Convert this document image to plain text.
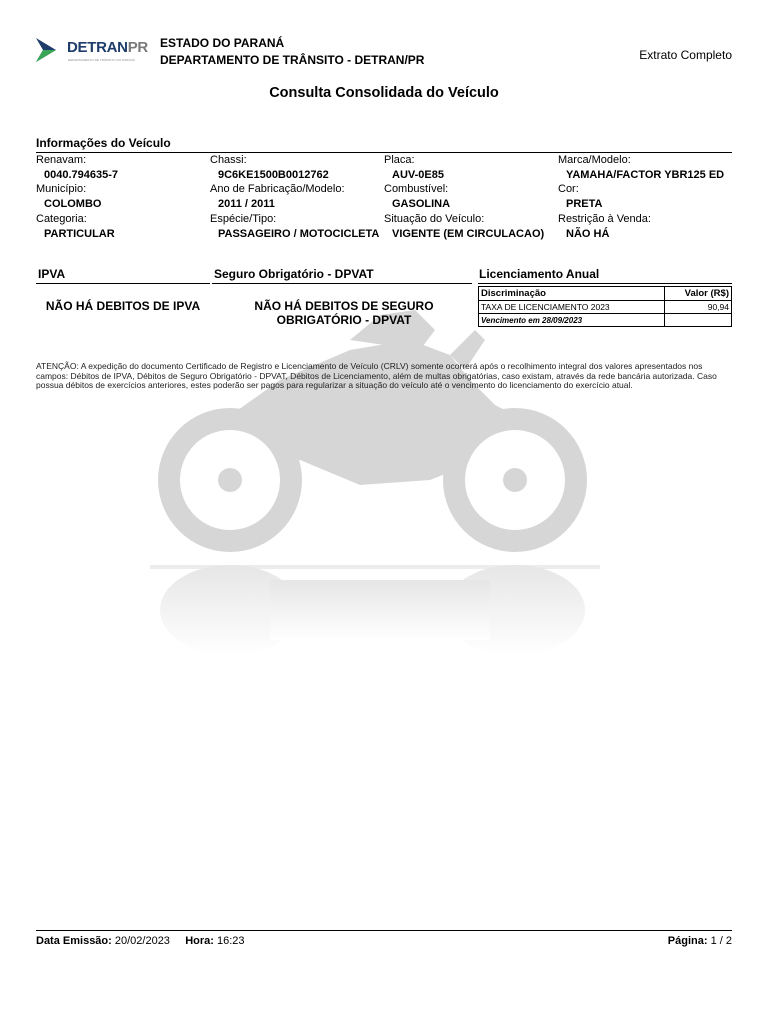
DETRANPR
DEPARTAMENTO DE TRÂNSITO DO PARANÁ
ESTADO DO PARANÁ
DEPARTAMENTO DE TRÂNSITO - DETRAN/PR	Extrato Completo
Consulta Consolidada do Veículo
Informações do Veículo
Renavam:
0040.794635-7
Chassi:
9C6KE1500B0012762
Placa:
AUV-0E85
Marca/Modelo:
YAMAHA/FACTOR YBR125 ED
Município:
COLOMBO
Ano de Fabricação/Modelo:
2011 / 2011
Combustível:
GASOLINA
Cor:
PRETA
Categoria:
PARTICULAR
Espécie/Tipo:
PASSAGEIRO / MOTOCICLETA
Situação do Veículo:
VIGENTE (EM CIRCULACAO)
Restrição à Venda:
NÃO HÁ
IPVA
NÃO HÁ DEBITOS DE IPVA
Seguro Obrigatório - DPVAT
NÃO HÁ DEBITOS DE SEGURO
OBRIGATÓRIO - DPVAT
Licenciamento Anual
Discriminação	Valor (R$)
TAXA DE LICENCIAMENTO 2023	90,94
Vencimento em 28/09/2023	
ATENÇÃO: A expedição do documento Certificado de Registro e Licenciamento de Veículo (CRLV) somente ocorrerá após o recolhimento integral dos valores apresentados nos campos: Débitos de IPVA, Débitos de Seguro Obrigatório - DPVAT, Débitos de Licenciamento, além de multas obrigatórias, caso existam, através da rede bancária autorizada. Caso possua débitos de exercícios anteriores, estes poderão ser pagos para regularizar a situação do veículo até o vencimento do licenciamento do exercício atual.
Data Emissão: 20/02/2023 Hora: 16:23	Página: 1 / 2
